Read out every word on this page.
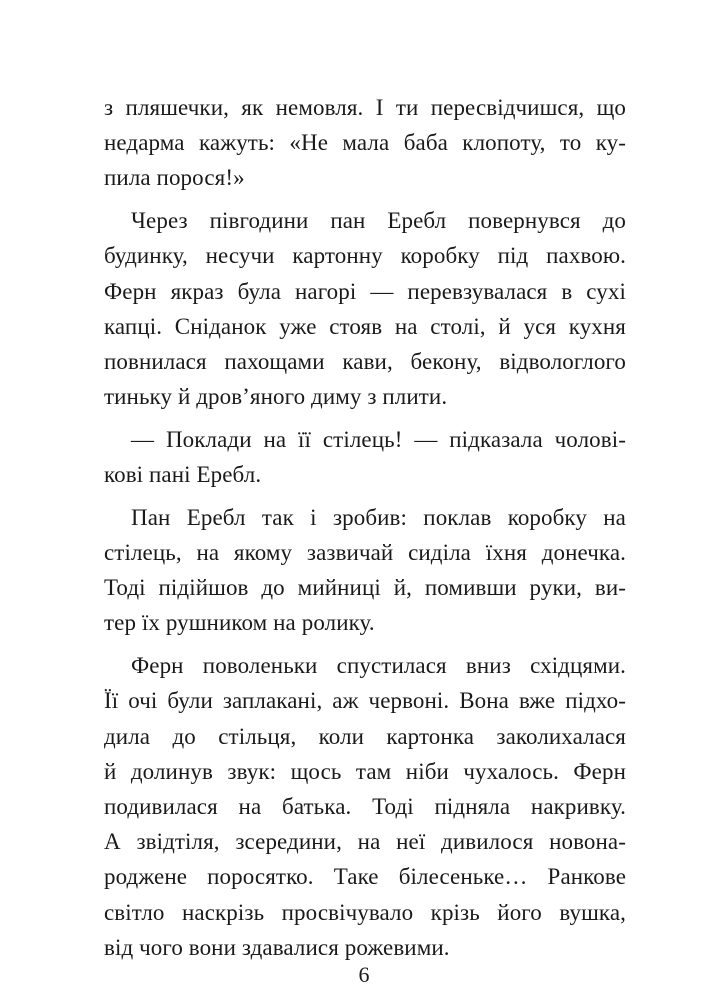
з пляшечки, як немовля. І ти пересвідчишся, що
недарма кажуть: «Не мала баба клопоту, то ку-
пила порося!»
Через півгодини пан Еребл повернувся до
будинку, несучи картонну коробку під пахвою.
Ферн якраз була нагорі — перевзувалася в сухі
капці. Сніданок уже стояв на столі, й уся кухня
повнилася пахощами кави, бекону, відвологлого
тиньку й дров’яного диму з плити.
— Поклади на її стілець! — підказала чолові-
кові пані Еребл.
Пан Еребл так і зробив: поклав коробку на
стілець, на якому зазвичай сиділа їхня донечка.
Тоді підійшов до мийниці й, помивши руки, ви-
тер їх рушником на ролику.
Ферн поволеньки спустилася вниз східцями.
Її очі були заплакані, аж червоні. Вона вже підхо-
дила до стільця, коли картонка заколихалася
й долинув звук: щось там ніби чухалось. Ферн
подивилася на батька. Тоді підняла накривку.
А звідтіля, зсередини, на неї дивилося новона-
роджене поросятко. Таке білесеньке… Ранкове
світло наскрізь просвічувало крізь його вушка,
від чого вони здавалися рожевими.
6
